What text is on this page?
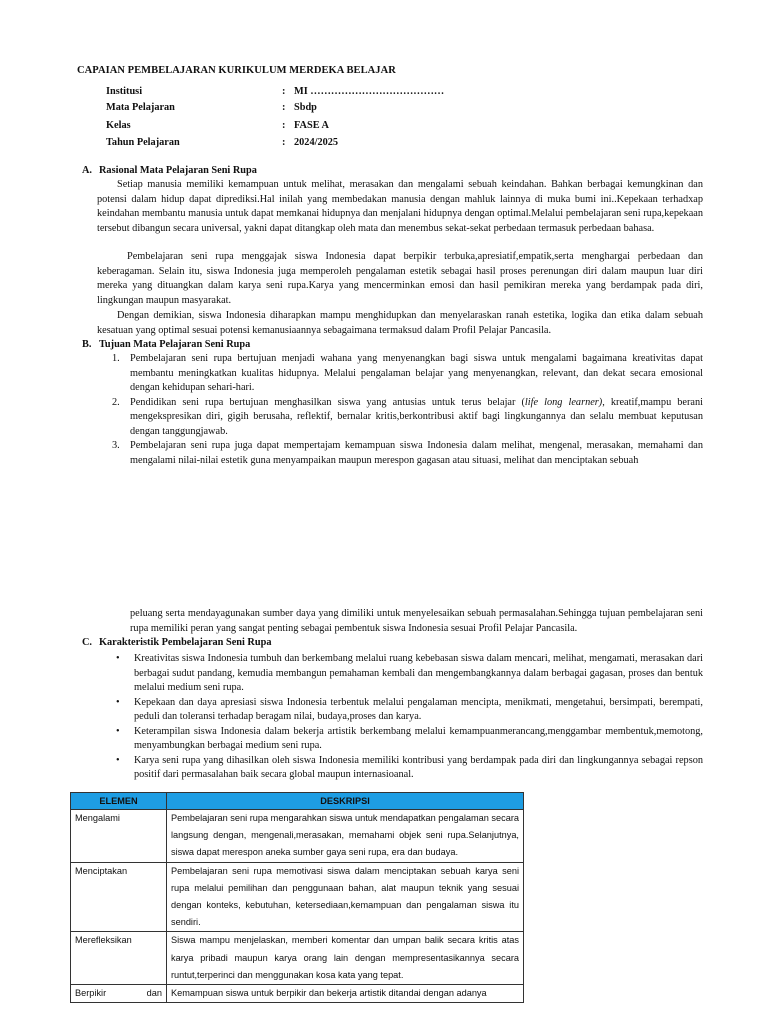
CAPAIAN PEMBELAJARAN KURIKULUM MERDEKA BELAJAR
Institusi	: MI …………………………………
Mata Pelajaran	: Sbdp
Kelas	: FASE A
Tahun Pelajaran	: 2024/2025
A. Rasional Mata Pelajaran Seni Rupa

Setiap manusia memiliki kemampuan untuk melihat, merasakan dan mengalami sebuah keindahan. Bahkan berbagai kemungkinan dan potensi dalam hidup dapat diprediksi.Hal inilah yang membedakan manusia dengan mahluk lainnya di muka bumi ini..Kepekaan terhadxap keindahan membantu manusia untuk dapat memkanai hidupnya dan menjalani hidupnya dengan optimal.Melalui pembelajaran seni rupa,kepekaan tersebut dibangun secara universal, yakni dapat ditangkap oleh mata dan menembus sekat-sekat perbedaan termasuk perbedaan bahasa.

Pembelajaran seni rupa menggajak siswa Indonesia dapat berpikir terbuka,apresiatif,empatik,serta menghargai perbedaan dan keberagaman. Selain itu, siswa Indonesia juga memperoleh pengalaman estetik sebagai hasil proses perenungan diri dalam maupun luar diri mereka yang dituangkan dalam karya seni rupa.Karya yang mencerminkan emosi dan hasil pemikiran mereka yang berdampak pada diri, lingkungan maupun masyarakat.

Dengan demikian, siswa Indonesia diharapkan mampu menghidupkan dan menyelaraskan ranah estetika, logika dan etika dalam sebuah kesatuan yang optimal sesuai potensi kemanusiaannya sebagaimana termaksud dalam Profil Pelajar Pancasila.

B. Tujuan Mata Pelajaran Seni Rupa
1. Pembelajaran seni rupa bertujuan menjadi wahana yang menyenangkan bagi siswa untuk mengalami bagaimana kreativitas dapat membantu meningkatkan kualitas hidupnya. Melalui pengalaman belajar yang menyenangkan, relevant, dan dekat secara emosional dengan kehidupan sehari-hari.
2. Pendidikan seni rupa bertujuan menghasilkan siswa yang antusias untuk terus belajar (life long learner), kreatif,mampu berani mengekspresikan diri, gigih berusaha, reflektif, bernalar kritis,berkontribusi aktif bagi lingkungannya dan selalu membuat keputusan dengan tanggungjawab.
3. Pembelajaran seni rupa juga dapat mempertajam kemampuan siswa Indonesia dalam melihat, mengenal, merasakan, memahami dan mengalami nilai-nilai estetik guna menyampaikan maupun merespon gagasan atau situasi, melihat dan menciptakan sebuah

peluang serta mendayagunakan sumber daya yang dimiliki untuk menyelesaikan sebuah permasalahan.Sehingga tujuan pembelajaran seni rupa memiliki peran yang sangat penting sebagai pembentuk siswa Indonesia sesuai Profil Pelajar Pancasila.

C. Karakteristik Pembelajaran Seni Rupa
• Kreativitas siswa Indonesia tumbuh dan berkembang melalui ruang kebebasan siswa dalam mencari, melihat, mengamati, merasakan dari berbagai sudut pandang, kemudia membangun pemahaman kembali dan mengembangkannya dalam berbagai gagasan, proses dan bentuk melalui medium seni rupa.
• Kepekaan dan daya apresiasi siswa Indonesia terbentuk melalui pengalaman mencipta, menikmati, mengetahui, bersimpati, berempati, peduli dan toleransi terhadap beragam nilai, budaya,proses dan karya.
• Keterampilan siswa Indonesia dalam bekerja artistik berkembang melalui kemampuanmerancang,menggambar membentuk,memotong, menyambungkan berbagai medium seni rupa.
• Karya seni rupa yang dihasilkan oleh siswa Indonesia memiliki kontribusi yang berdampak pada diri dan lingkungannya sebagai repson positif dari permasalahan baik secara global maupun internasioanal.
ELEMEN	DESKRIPSI
Mengalami	Pembelajaran seni rupa mengarahkan siswa untuk mendapatkan pengalaman secara langsung dengan, mengenali,merasakan, memahami objek seni rupa.Selanjutnya, siswa dapat merespon aneka sumber gaya seni rupa, era dan budaya.
Menciptakan	Pembelajaran seni rupa memotivasi siswa dalam menciptakan sebuah karya seni rupa melalui pemilihan dan penggunaan bahan, alat maupun teknik yang sesuai dengan konteks, kebutuhan, ketersediaan,kemampuan dan pengalaman siswa itu sendiri.
Merefleksikan	Siswa mampu menjelaskan, memberi komentar dan umpan balik secara kritis atas karya pribadi maupun karya orang lain dengan mempresentasikannya secara runtut,terperinci dan menggunakan kosa kata yang tepat.

Berpikir dan	Kemampuan siswa untuk berpikir dan bekerja artistik ditandai dengan adanya
